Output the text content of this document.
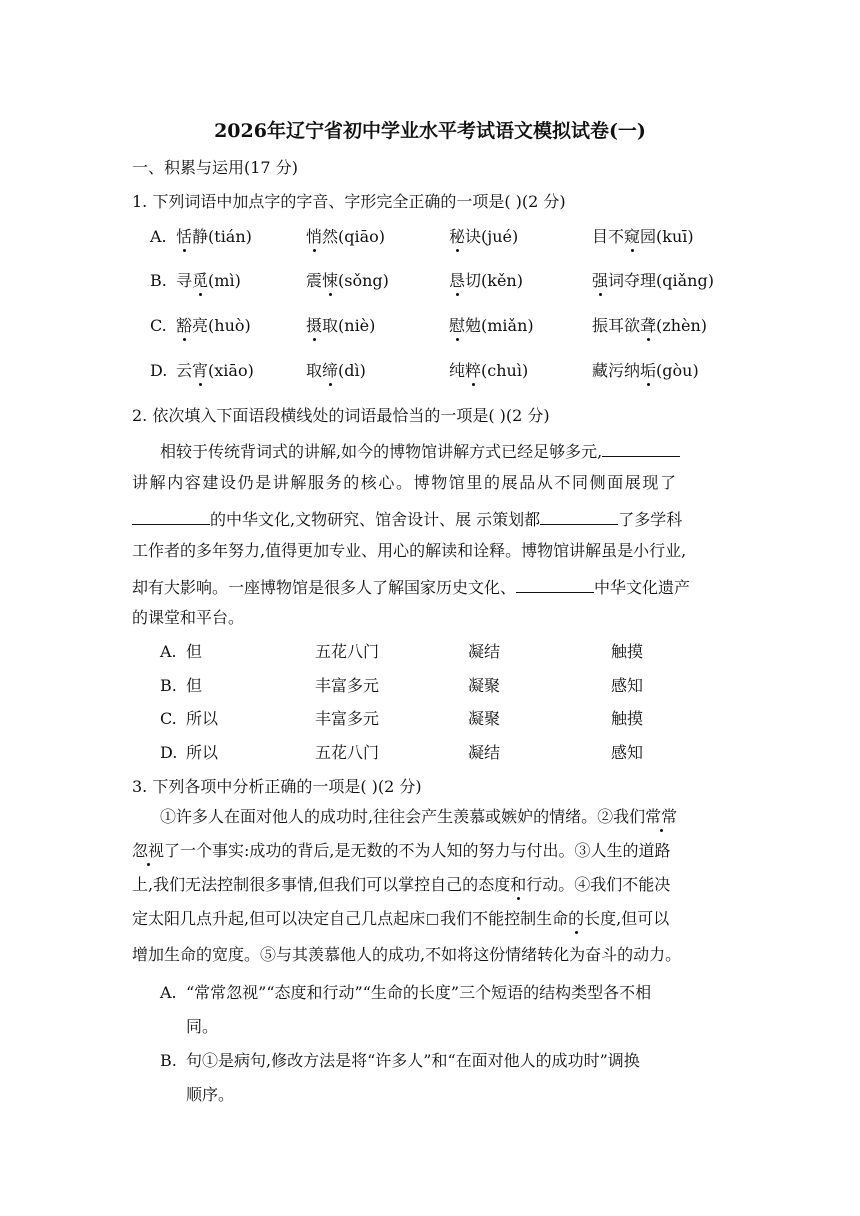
2026年辽宁省初中学业水平考试语文模拟试卷(一)
一、积累与运用(17 分)
1. 下列词语中加点字的字音、字形完全正确的一项是( )(2 分)
A. 恬静(tián)	悄然(qiāo)	秘诀(jué)	目不窥园(kuī)
B. 寻觅(mì)	震悚(sǒng)	恳切(kěn)	强词夺理(qiǎng)
C. 豁亮(huò)	摄取(niè)	慰勉(miǎn)	振耳欲聋(zhèn)
D. 云宵(xiāo)	取缔(dì)	纯粹(chuì)	藏污纳垢(gòu)
2. 依次填入下面语段横线处的词语最恰当的一项是( )(2 分)
相较于传统背词式的讲解,如今的博物馆讲解方式已经足够多元,
讲解内容建设仍是讲解服务的核心。博物馆里的展品从不同侧面展现了
的中华文化,文物研究、馆舍设计、展 示策划都	了多学科
工作者的多年努力,值得更加专业、用心的解读和诠释。博物馆讲解虽是小行业,
却有大影响。一座博物馆是很多人了解国家历史文化、	中华文化遗产
的课堂和平台。
A. 但	五花八门	凝结	触摸
B. 但	丰富多元	凝聚	感知
C. 所以	丰富多元	凝聚	触摸
D. 所以	五花八门	凝结	感知
3. 下列各项中分析正确的一项是( )(2 分)
①许多人在面对他人的成功时,往往会产生羡慕或嫉妒的情绪。②我们常常
忽视了一个事实:成功的背后,是无数的不为人知的努力与付出。③人生的道路
上,我们无法控制很多事情,但我们可以掌控自己的态度和行动。④我们不能决
定太阳几点升起,但可以决定自己几点起床 我们不能控制生命的长度,但可以
增加生命的宽度。⑤与其羡慕他人的成功,不如将这份情绪转化为奋斗的动力。
A. “常常忽视”“态度和行动”“生命的长度”三个短语的结构类型各不相
同。
B. 句①是病句,修改方法是将“许多人”和“在面对他人的成功时”调换
顺序。
